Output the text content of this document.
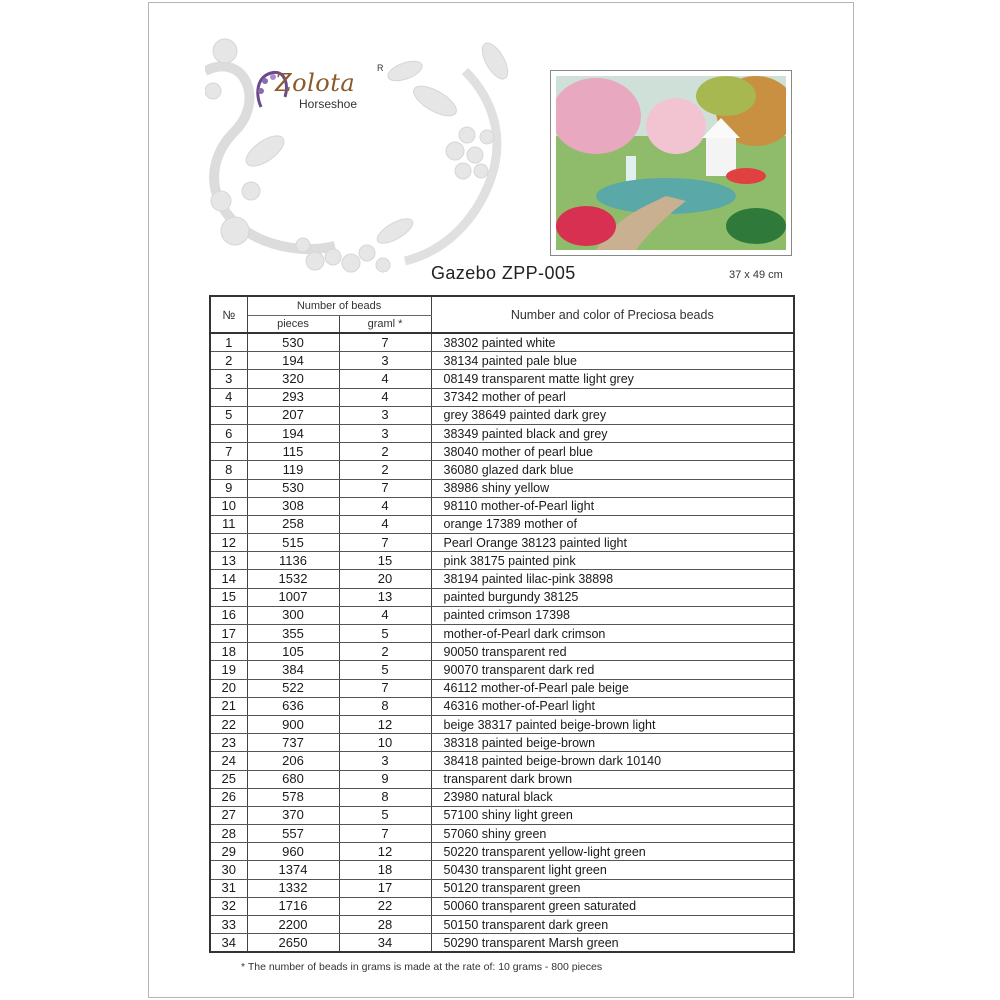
Zolota
R
Horseshoe
Gazebo ZPP-005	37 x 49 cm
№	Number of beads		Number and color of Preciosa beads
	pieces	graml *	
1	530	7	38302 painted white
2	194	3	38134 painted pale blue
3	320	4	08149 transparent matte light grey
4	293	4	37342 mother of pearl
5	207	3	grey 38649 painted dark grey
6	194	3	38349 painted black and grey
7	115	2	38040 mother of pearl blue
8	119	2	36080 glazed dark blue
9	530	7	38986 shiny yellow
10	308	4	98110 mother-of-Pearl light
11	258	4	orange 17389 mother of
12	515	7	Pearl Orange 38123 painted light
13	1136	15	pink 38175 painted pink
14	1532	20	38194 painted lilac-pink 38898
15	1007	13	painted burgundy 38125
16	300	4	painted crimson 17398
17	355	5	mother-of-Pearl dark crimson
18	105	2	90050 transparent red
19	384	5	90070 transparent dark red
20	522	7	46112 mother-of-Pearl pale beige
21	636	8	46316 mother-of-Pearl light
22	900	12	beige 38317 painted beige-brown light
23	737	10	38318 painted beige-brown
24	206	3	38418 painted beige-brown dark 10140
25	680	9	transparent dark brown
26	578	8	23980 natural black
27	370	5	57100 shiny light green
28	557	7	57060 shiny green
29	960	12	50220 transparent yellow-light green
30	1374	18	50430 transparent light green
31	1332	17	50120 transparent green
32	1716	22	50060 transparent green saturated
33	2200	28	50150 transparent dark green
34	2650	34	50290 transparent Marsh green
* The number of beads in grams is made at the rate of: 10 grams - 800 pieces
